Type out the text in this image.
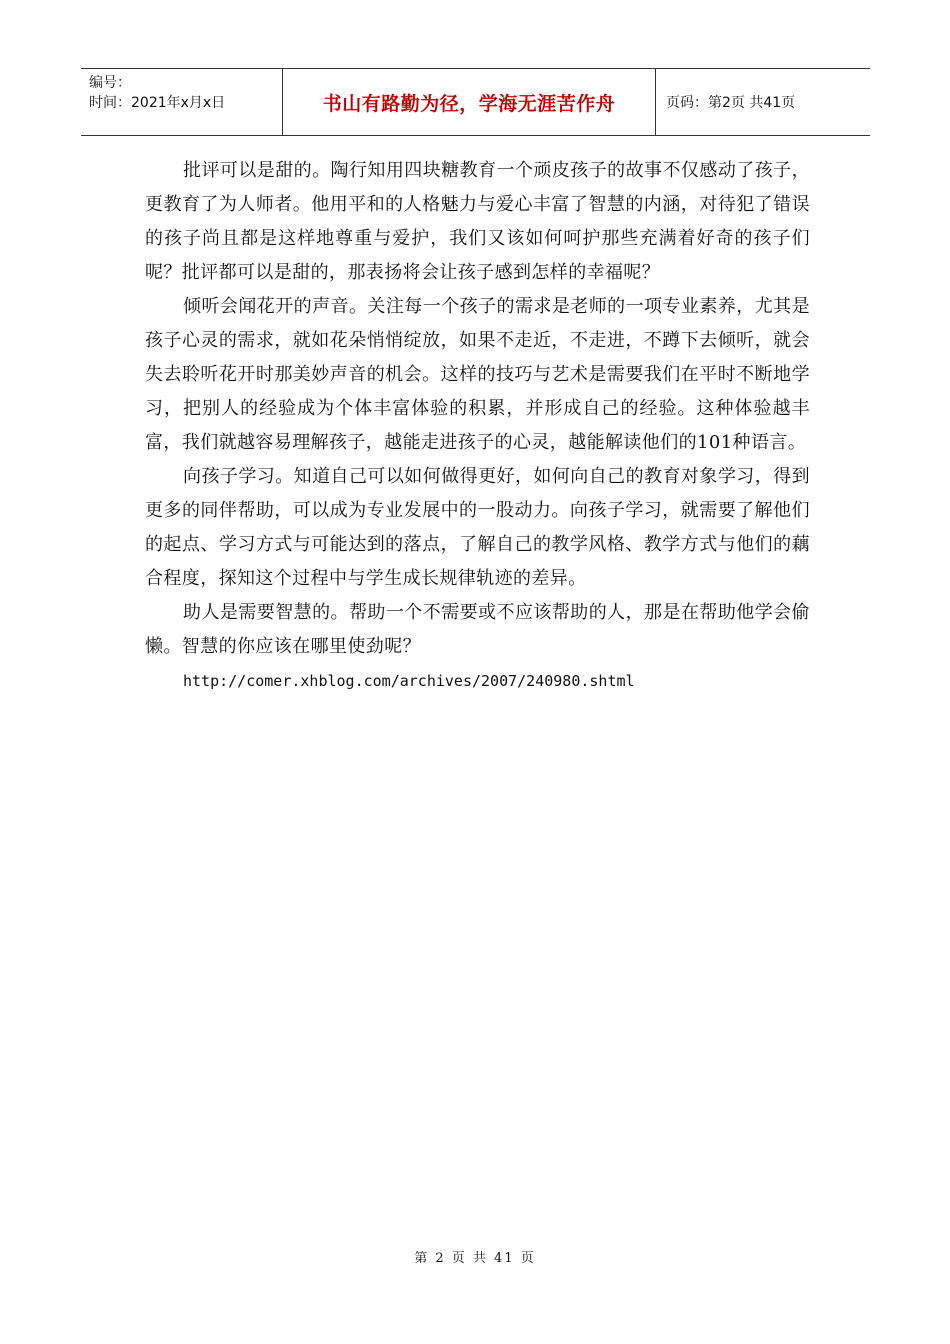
编号：
时间：2021年x月x日	书山有路勤为径，学海无涯苦作舟	页码：第2页 共41页

批评可以是甜的。陶行知用四块糖教育一个顽皮孩子的故事不仅感动了孩子，更教育了为人师者。他用平和的人格魅力与爱心丰富了智慧的内涵，对待犯了错误的孩子尚且都是这样地尊重与爱护，我们又该如何呵护那些充满着好奇的孩子们呢？批评都可以是甜的，那表扬将会让孩子感到怎样的幸福呢？

倾听会闻花开的声音。关注每一个孩子的需求是老师的一项专业素养，尤其是孩子心灵的需求，就如花朵悄悄绽放，如果不走近，不走进，不蹲下去倾听，就会失去聆听花开时那美妙声音的机会。这样的技巧与艺术是需要我们在平时不断地学习，把别人的经验成为个体丰富体验的积累，并形成自己的经验。这种体验越丰富，我们就越容易理解孩子，越能走进孩子的心灵，越能解读他们的101种语言。

向孩子学习。知道自己可以如何做得更好，如何向自己的教育对象学习，得到更多的同伴帮助，可以成为专业发展中的一股动力。向孩子学习，就需要了解他们的起点、学习方式与可能达到的落点，了解自己的教学风格、教学方式与他们的藕合程度，探知这个过程中与学生成长规律轨迹的差异。

助人是需要智慧的。帮助一个不需要或不应该帮助的人，那是在帮助他学会偷懒。智慧的你应该在哪里使劲呢？

http://comer.xhblog.com/archives/2007/240980.shtml

第 2 页 共 41 页
